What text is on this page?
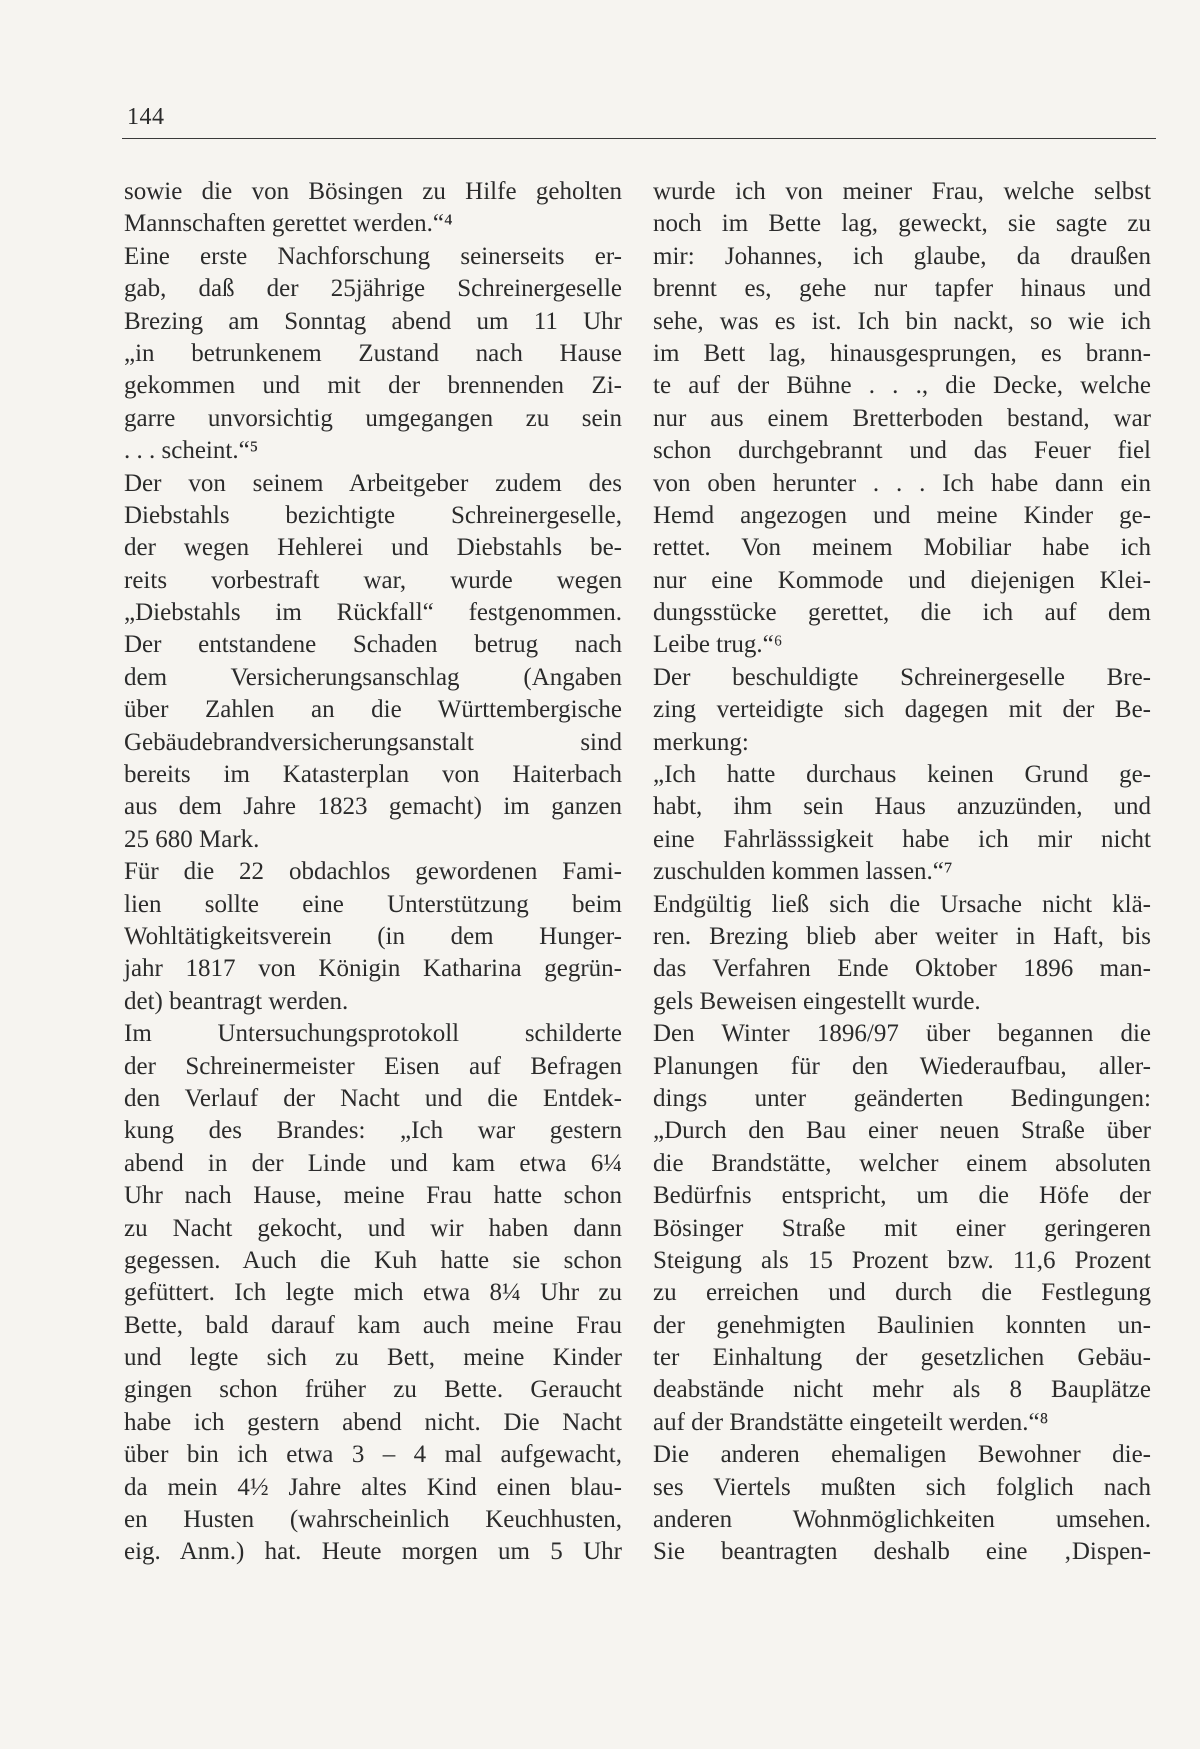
144
sowie die von Bösingen zu Hilfe geholten
Mannschaften gerettet werden.“⁴
Eine erste Nachforschung seinerseits er-
gab, daß der 25jährige Schreinergeselle
Brezing am Sonntag abend um 11 Uhr
„in betrunkenem Zustand nach Hause
gekommen und mit der brennenden Zi-
garre unvorsichtig umgegangen zu sein
. . . scheint.“⁵
Der von seinem Arbeitgeber zudem des
Diebstahls bezichtigte Schreinergeselle,
der wegen Hehlerei und Diebstahls be-
reits vorbestraft war, wurde wegen
„Diebstahls im Rückfall“ festgenommen.
Der entstandene Schaden betrug nach
dem Versicherungsanschlag (Angaben
über Zahlen an die Württembergische
Gebäudebrandversicherungsanstalt sind
bereits im Katasterplan von Haiterbach
aus dem Jahre 1823 gemacht) im ganzen
25 680 Mark.
Für die 22 obdachlos gewordenen Fami-
lien sollte eine Unterstützung beim
Wohltätigkeitsverein (in dem Hunger-
jahr 1817 von Königin Katharina gegrün-
det) beantragt werden.
Im Untersuchungsprotokoll schilderte
der Schreinermeister Eisen auf Befragen
den Verlauf der Nacht und die Entdek-
kung des Brandes: „Ich war gestern
abend in der Linde und kam etwa 6¼
Uhr nach Hause, meine Frau hatte schon
zu Nacht gekocht, und wir haben dann
gegessen. Auch die Kuh hatte sie schon
gefüttert. Ich legte mich etwa 8¼ Uhr zu
Bette, bald darauf kam auch meine Frau
und legte sich zu Bett, meine Kinder
gingen schon früher zu Bette. Geraucht
habe ich gestern abend nicht. Die Nacht
über bin ich etwa 3 – 4 mal aufgewacht,
da mein 4½ Jahre altes Kind einen blau-
en Husten (wahrscheinlich Keuchhusten,
eig. Anm.) hat. Heute morgen um 5 Uhr
wurde ich von meiner Frau, welche selbst
noch im Bette lag, geweckt, sie sagte zu
mir: Johannes, ich glaube, da draußen
brennt es, gehe nur tapfer hinaus und
sehe, was es ist. Ich bin nackt, so wie ich
im Bett lag, hinausgesprungen, es brann-
te auf der Bühne . . ., die Decke, welche
nur aus einem Bretterboden bestand, war
schon durchgebrannt und das Feuer fiel
von oben herunter . . . Ich habe dann ein
Hemd angezogen und meine Kinder ge-
rettet. Von meinem Mobiliar habe ich
nur eine Kommode und diejenigen Klei-
dungsstücke gerettet, die ich auf dem
Leibe trug.“⁶
Der beschuldigte Schreinergeselle Bre-
zing verteidigte sich dagegen mit der Be-
merkung:
„Ich hatte durchaus keinen Grund ge-
habt, ihm sein Haus anzuzünden, und
eine Fahrlässsigkeit habe ich mir nicht
zuschulden kommen lassen.“⁷
Endgültig ließ sich die Ursache nicht klä-
ren. Brezing blieb aber weiter in Haft, bis
das Verfahren Ende Oktober 1896 man-
gels Beweisen eingestellt wurde.
Den Winter 1896/97 über begannen die
Planungen für den Wiederaufbau, aller-
dings unter geänderten Bedingungen:
„Durch den Bau einer neuen Straße über
die Brandstätte, welcher einem absoluten
Bedürfnis entspricht, um die Höfe der
Bösinger Straße mit einer geringeren
Steigung als 15 Prozent bzw. 11,6 Prozent
zu erreichen und durch die Festlegung
der genehmigten Baulinien konnten un-
ter Einhaltung der gesetzlichen Gebäu-
deabstände nicht mehr als 8 Bauplätze
auf der Brandstätte eingeteilt werden.“⁸
Die anderen ehemaligen Bewohner die-
ses Viertels mußten sich folglich nach
anderen Wohnmöglichkeiten umsehen.
Sie beantragten deshalb eine ‚Dispen-
